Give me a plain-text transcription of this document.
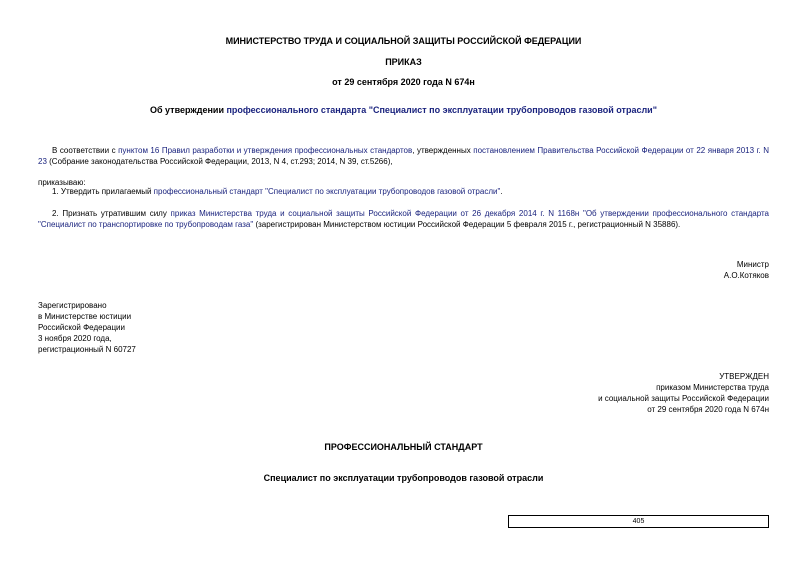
МИНИСТЕРСТВО ТРУДА И СОЦИАЛЬНОЙ ЗАЩИТЫ РОССИЙСКОЙ ФЕДЕРАЦИИ
ПРИКАЗ
от 29 сентября 2020 года N 674н
Об утверждении профессионального стандарта "Специалист по эксплуатации трубопроводов газовой отрасли"
В соответствии с пунктом 16 Правил разработки и утверждения профессиональных стандартов, утвержденных постановлением Правительства Российской Федерации от 22 января 2013 г. N 23 (Собрание законодательства Российской Федерации, 2013, N 4, ст.293; 2014, N 39, ст.5266),
приказываю:
1. Утвердить прилагаемый профессиональный стандарт "Специалист по эксплуатации трубопроводов газовой отрасли".
2. Признать утратившим силу приказ Министерства труда и социальной защиты Российской Федерации от 26 декабря 2014 г. N 1168н "Об утверждении профессионального стандарта "Специалист по транспортировке по трубопроводам газа" (зарегистрирован Министерством юстиции Российской Федерации 5 февраля 2015 г., регистрационный N 35886).
Министр
А.О.Котяков
Зарегистрировано
в Министерстве юстиции
Российской Федерации
3 ноября 2020 года,
регистрационный N 60727
УТВЕРЖДЕН
приказом Министерства труда
и социальной защиты Российской Федерации
от 29 сентября 2020 года N 674н
ПРОФЕССИОНАЛЬНЫЙ СТАНДАРТ
Специалист по эксплуатации трубопроводов газовой отрасли
405
